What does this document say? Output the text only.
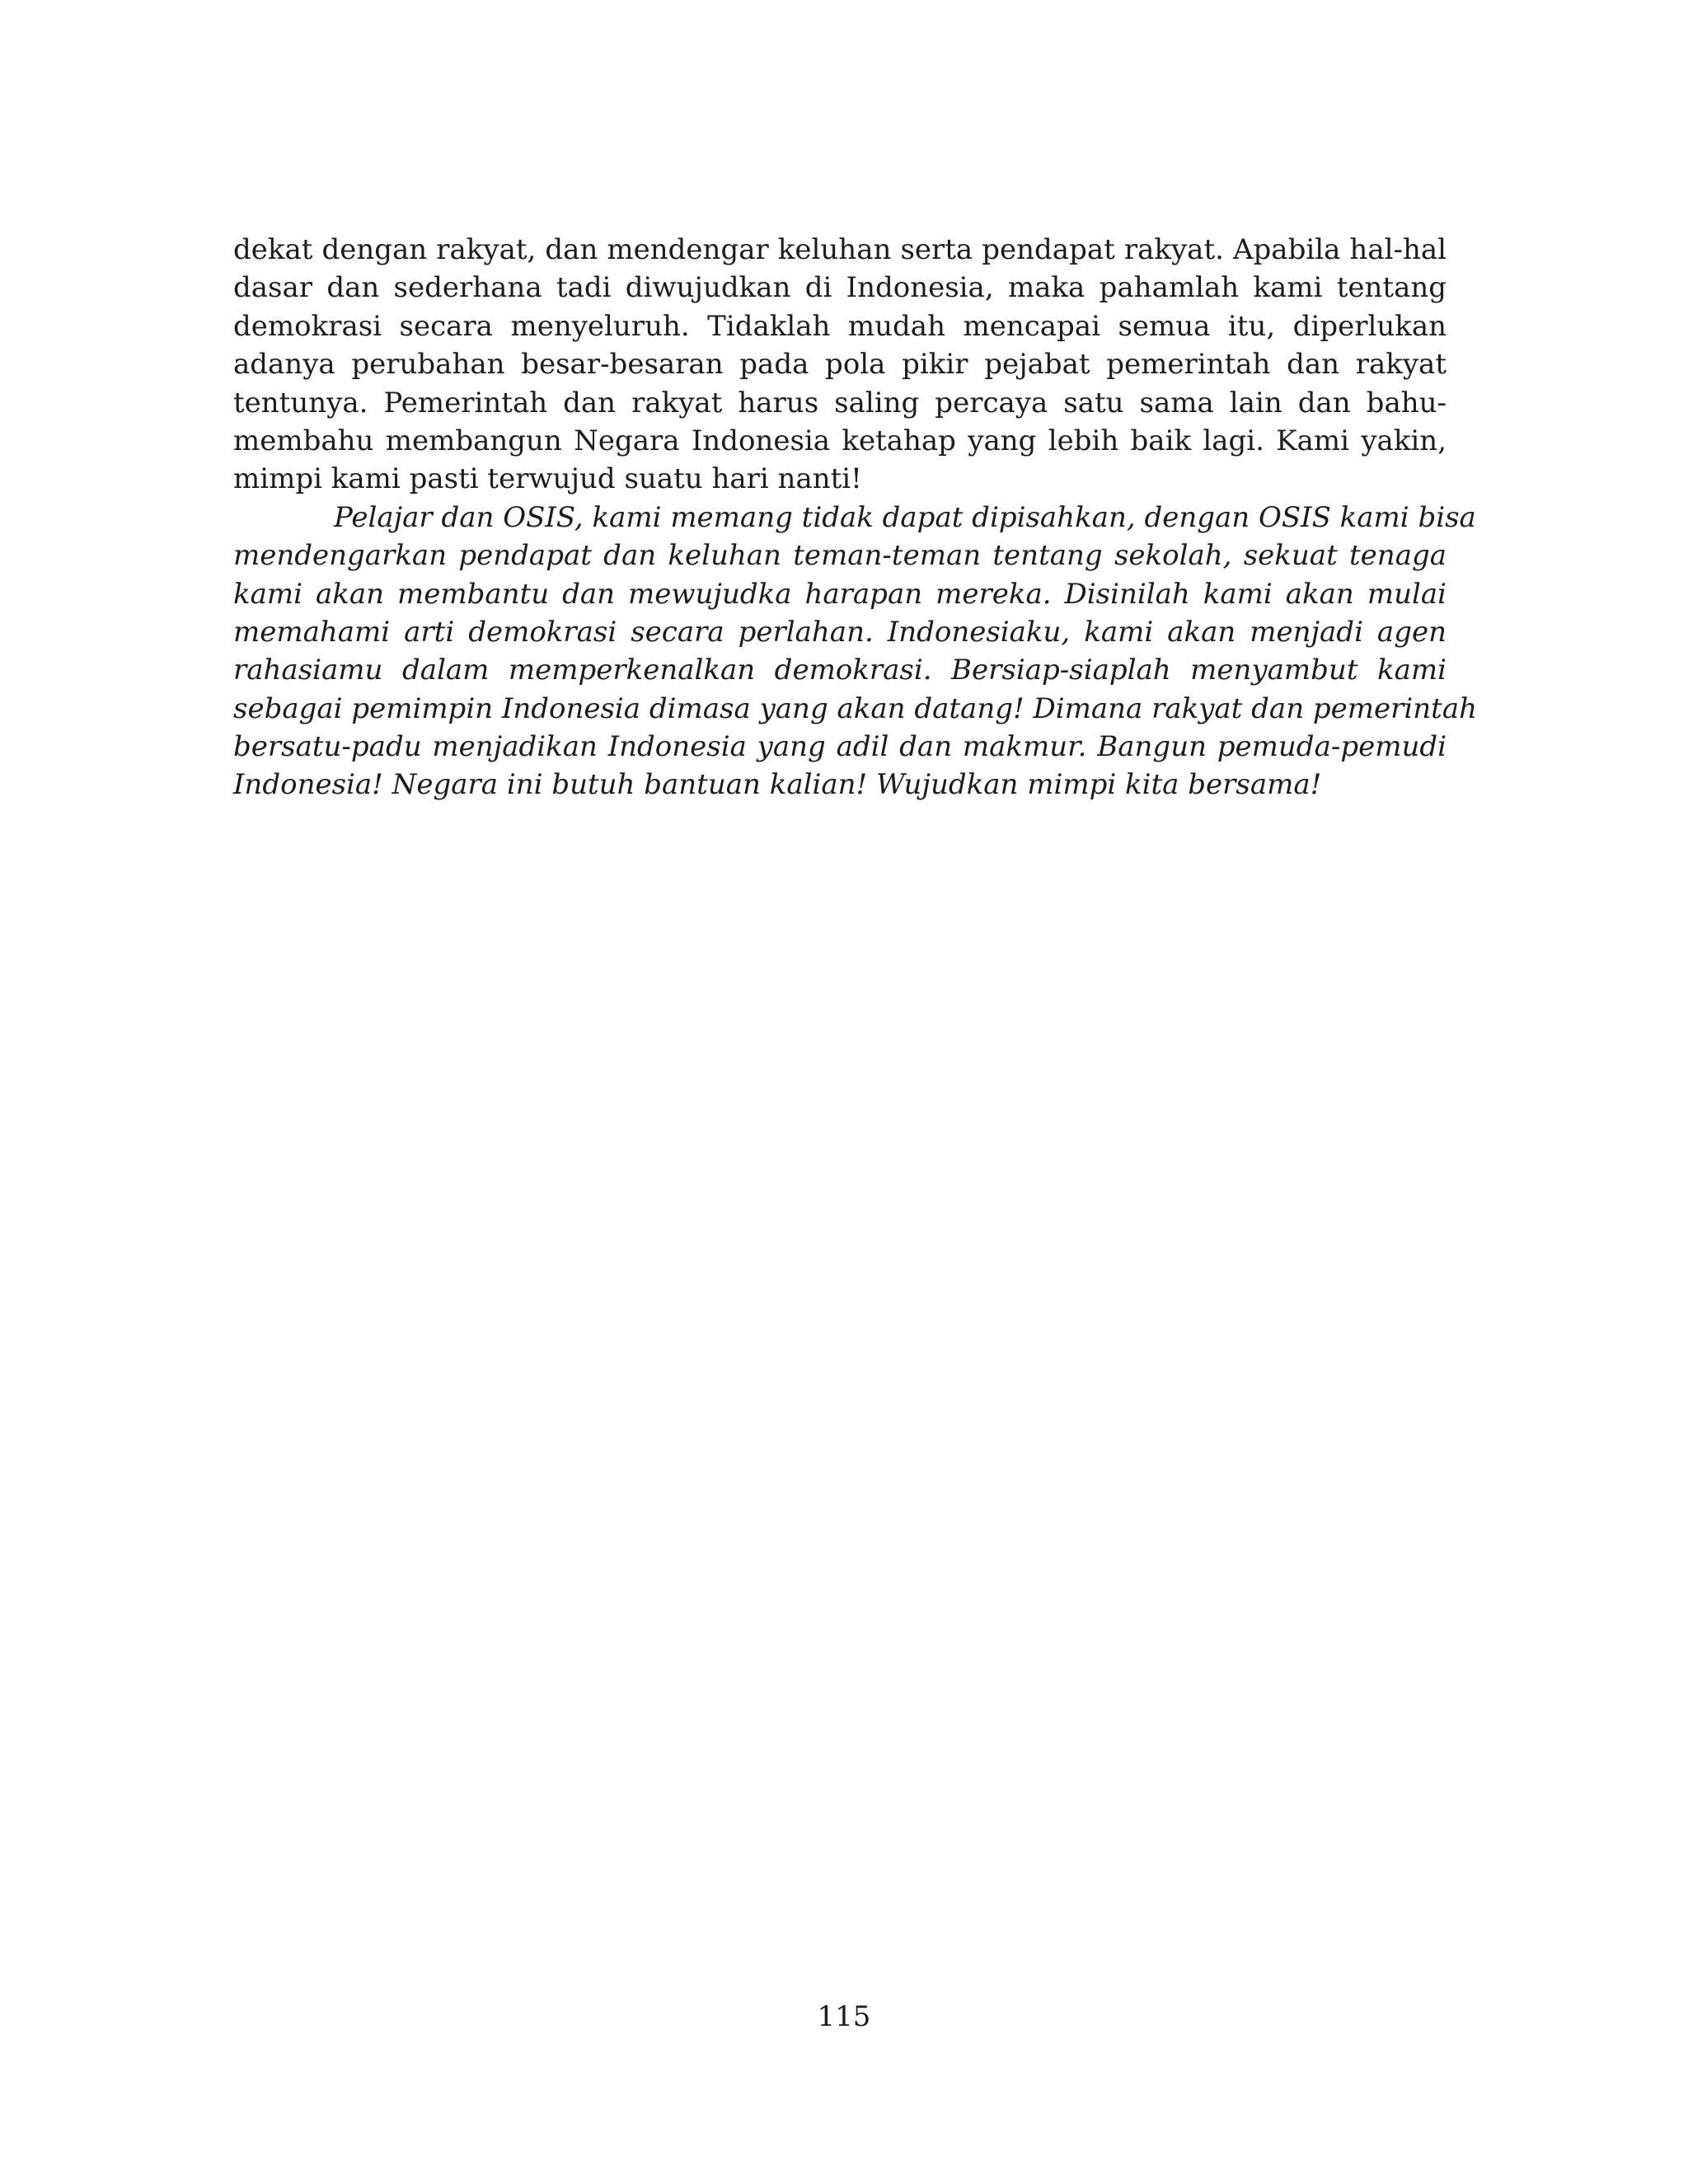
dekat dengan rakyat, dan mendengar keluhan serta pendapat rakyat. Apabila hal-hal
dasar dan sederhana tadi diwujudkan di Indonesia, maka pahamlah kami tentang
demokrasi secara menyeluruh. Tidaklah mudah mencapai semua itu, diperlukan
adanya perubahan besar-besaran pada pola pikir pejabat pemerintah dan rakyat
tentunya. Pemerintah dan rakyat harus saling percaya satu sama lain dan bahu-
membahu membangun Negara Indonesia ketahap yang lebih baik lagi. Kami yakin,
mimpi kami pasti terwujud suatu hari nanti!
Pelajar dan OSIS, kami memang tidak dapat dipisahkan, dengan OSIS kami bisa
mendengarkan pendapat dan keluhan teman-teman tentang sekolah, sekuat tenaga
kami akan membantu dan mewujudka harapan mereka. Disinilah kami akan mulai
memahami arti demokrasi secara perlahan. Indonesiaku, kami akan menjadi agen
rahasiamu dalam memperkenalkan demokrasi. Bersiap-siaplah menyambut kami
sebagai pemimpin Indonesia dimasa yang akan datang! Dimana rakyat dan pemerintah
bersatu-padu menjadikan Indonesia yang adil dan makmur. Bangun pemuda-pemudi
Indonesia! Negara ini butuh bantuan kalian! Wujudkan mimpi kita bersama!
115
